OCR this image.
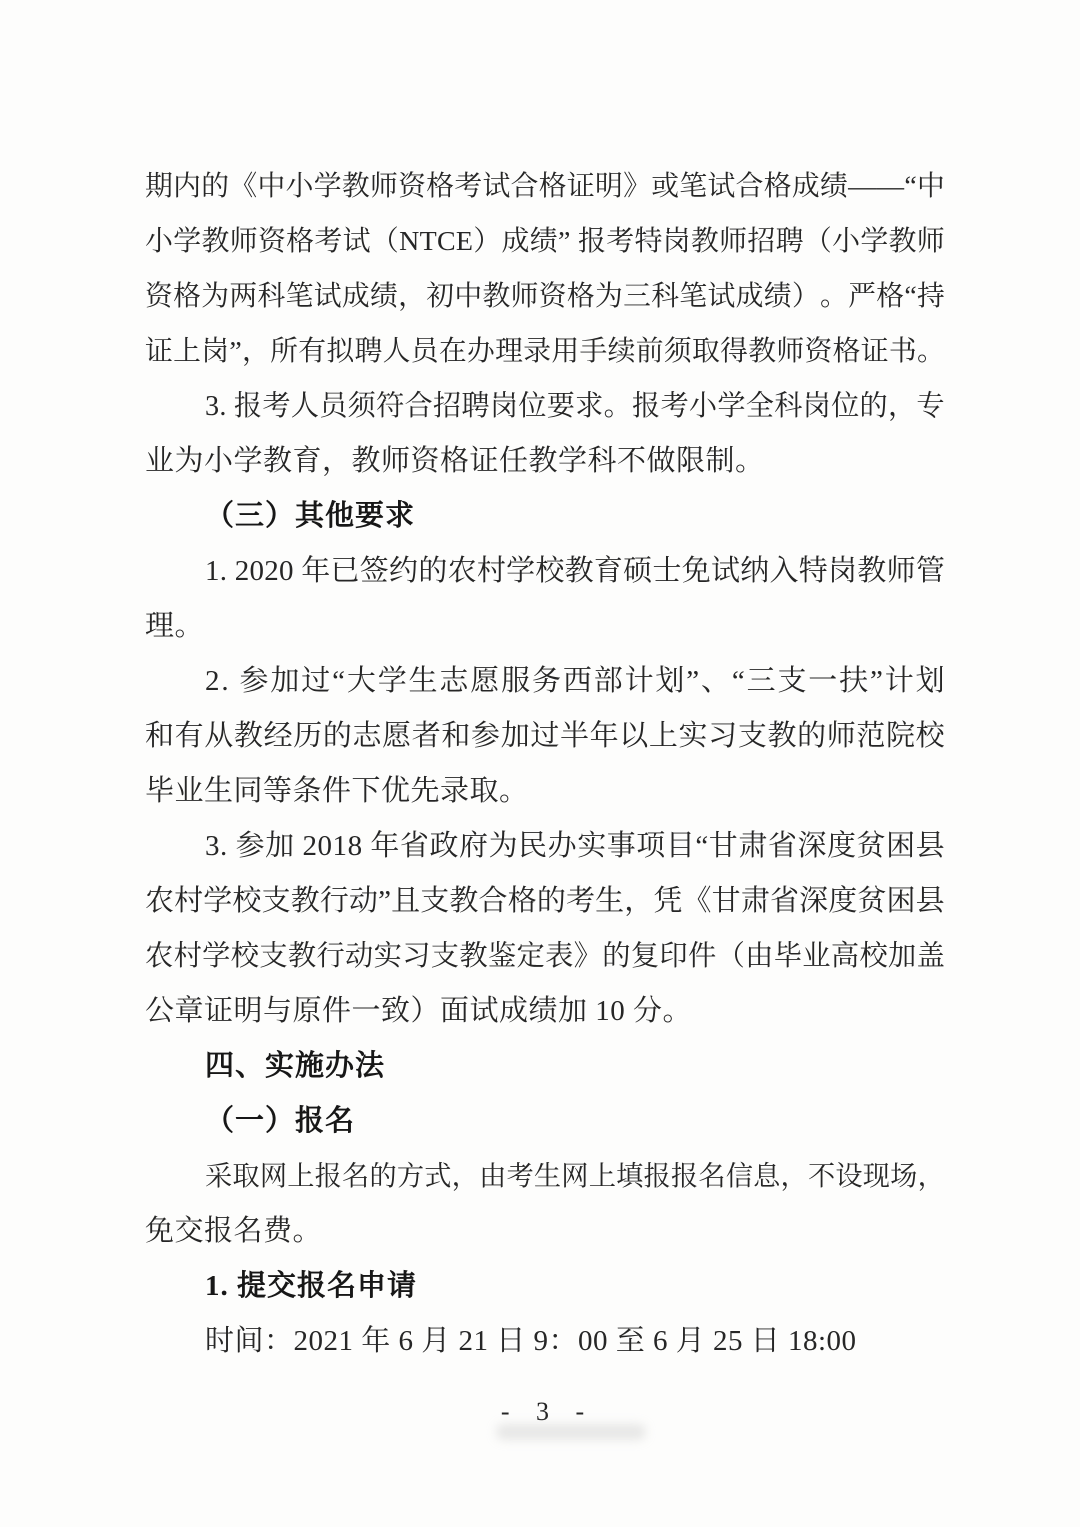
期 内 的 《 中 小 学 教 师 资 格 考 试 合 格 证 明 》 或 笔 试 合 格 成 绩 — — “ 中
小 学 教 师 资 格 考 试 （ N T C E ） 成 绩 ”
报 考 特 岗 教 师 招 聘 （ 小 学 教 师
资 格 为 两 科 笔 试 成 绩 ， 初 中 教 师 资 格 为 三 科 笔 试 成 绩 ） 。 严 格 “ 持
证 上 岗 ” ， 所 有 拟 聘 人 员 在 办 理 录 用 手 续 前 须 取 得 教 师 资 格 证 书 。
3 .
报 考 人 员 须 符 合 招 聘 岗 位 要 求 。 报 考 小 学 全 科 岗 位 的 ， 专
业为小学教育，教师资格证任教学科不做限制。
（三）其他要求
1 .
2 0 2 0
年 已 签 约 的 农 村 学 校 教 育 硕 士 免 试 纳 入 特 岗 教 师 管
理。
2 .
参 加 过 “ 大 学 生 志 愿 服 务 西 部 计 划 ” 、 “ 三 支 一 扶 ” 计 划
和 有 从 教 经 历 的 志 愿 者 和 参 加 过 半 年 以 上 实 习 支 教 的 师 范 院 校
毕业生同等条件下优先录取。
3 .
参 加
2 0 1 8
年 省 政 府 为 民 办 实 事 项 目 “ 甘 肃 省 深 度 贫 困 县
农 村 学 校 支 教 行 动 ” 且 支 教 合 格 的 考 生 ， 凭 《 甘 肃 省 深 度 贫 困 县
农 村 学 校 支 教 行 动 实 习 支 教 鉴 定 表 》 的 复 印 件 （ 由 毕 业 高 校 加 盖
公章证明与原件一致）面试成绩加 10 分。
四、实施办法
（一）报名
采 取 网 上 报 名 的 方 式 ， 由 考 生 网 上 填 报 报 名 信 息 ， 不 设 现 场 ，
免交报名费。
1. 提交报名申请
时间：2021 年 6 月 21 日 9：00 至 6 月 25 日 18:00
- 3 -
